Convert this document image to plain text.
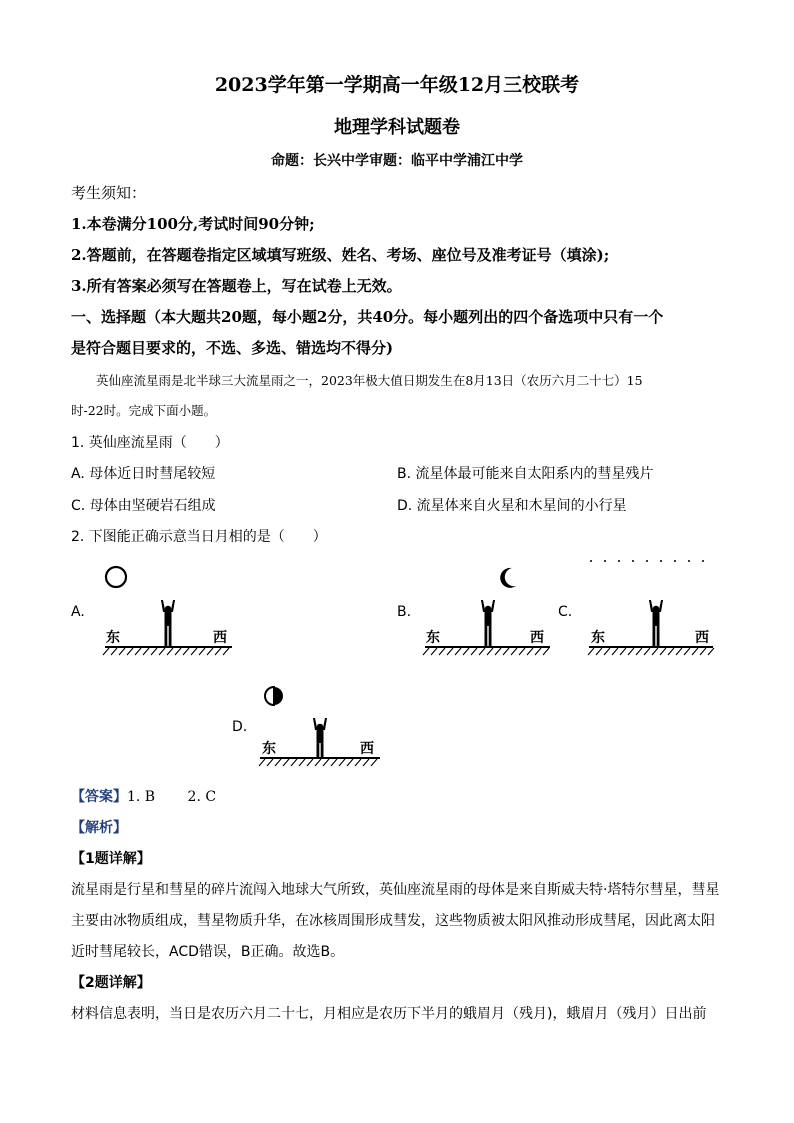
2023学年第一学期高一年级12月三校联考
地理学科试题卷
命题：长兴中学审题：临平中学浦江中学
考生须知：
1.本卷满分100分,考试时间90分钟;
2.答题前，在答题卷指定区域填写班级、姓名、考场、座位号及准考证号（填涂);
3.所有答案必须写在答题卷上，写在试卷上无效。
一、选择题（本大题共20题，每小题2分，共40分。每小题列出的四个备选项中只有一个
是符合题目要求的，不选、多选、错选均不得分)
英仙座流星雨是北半球三大流星雨之一，2023年极大值日期发生在8月13日（农历六月二十七）15
时-22时。完成下面小题。
1. 英仙座流星雨（　　）
A. 母体近日时彗尾较短	B. 流星体最可能来自太阳系内的彗星残片
C. 母体由坚硬岩石组成	D. 流星体来自火星和木星间的小行星
2. 下图能正确示意当日月相的是（　　）
A.
东	西
B.
东	西
C.
东	西
D.
东	西
【答案】1. B　　 2. C
【解析】
【1题详解】
流星雨是行星和彗星的碎片流闯入地球大气所致，英仙座流星雨的母体是来自斯威夫特·塔特尔彗星，彗星
主要由冰物质组成，彗星物质升华，在冰核周围形成彗发，这些物质被太阳风推动形成彗尾，因此离太阳
近时彗尾较长，ACD错误，B正确。故选B。
【2题详解】
材料信息表明，当日是农历六月二十七，月相应是农历下半月的蛾眉月（残月)，蛾眉月（残月）日出前
